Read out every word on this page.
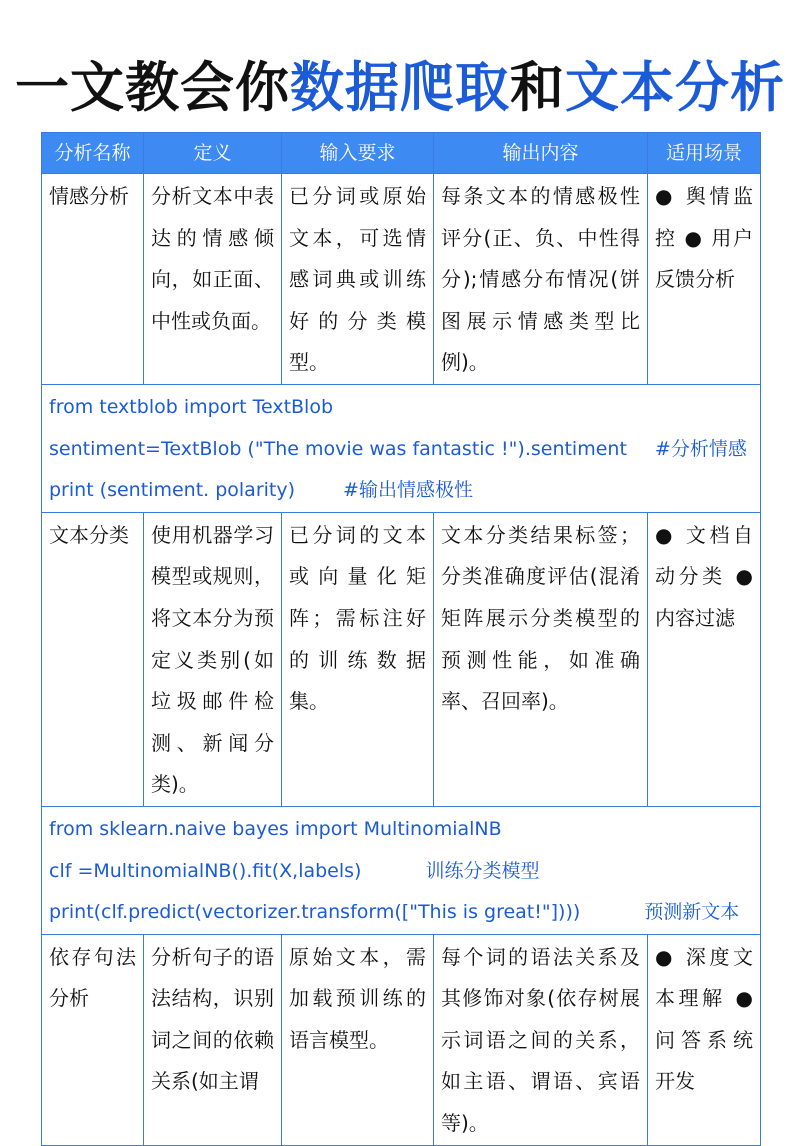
一文教会你数据爬取和文本分析
分析名称	定义	输入要求	输出内容	适用场景
情感分析	分析文本中表达的情感倾向，如正面、中性或负面。	已分词或原始文本，可选情感词典或训练好的分类模型。	每条文本的情感极性评分(正、负、中性得分);情感分布情况(饼图展示情感类型比例)。	● 舆情监控 ● 用户反馈分析

from textblob import TextBlob
sentiment=TextBlob ("The movie was fantastic !").sentiment #分析情感
print (sentiment. polarity) #输出情感极性				

文本分类	使用机器学习模型或规则，将文本分为预定义类别(如垃圾邮件检测、新闻分类)。	已分词的文本或向量化矩阵；需标注好的训练数据集。	文本分类结果标签；分类准确度评估(混淆矩阵展示分类模型的预测性能，如准确率、召回率)。	● 文档自动分类 ● 内容过滤

from sklearn.naive bayes import MultinomialNB
clf =MultinomialNB().fit(X,labels) 训练分类模型
print(clf.predict(vectorizer.transform(["This is great!"]))) 预测新文本				

依存句法分析	分析句子的语法结构，识别词之间的依赖关系(如主谓	原始文本，需加载预训练的语言模型。	每个词的语法关系及其修饰对象(依存树展示词语之间的关系，如主语、谓语、宾语等)。	● 深度文本理解 ● 问答系统开发
